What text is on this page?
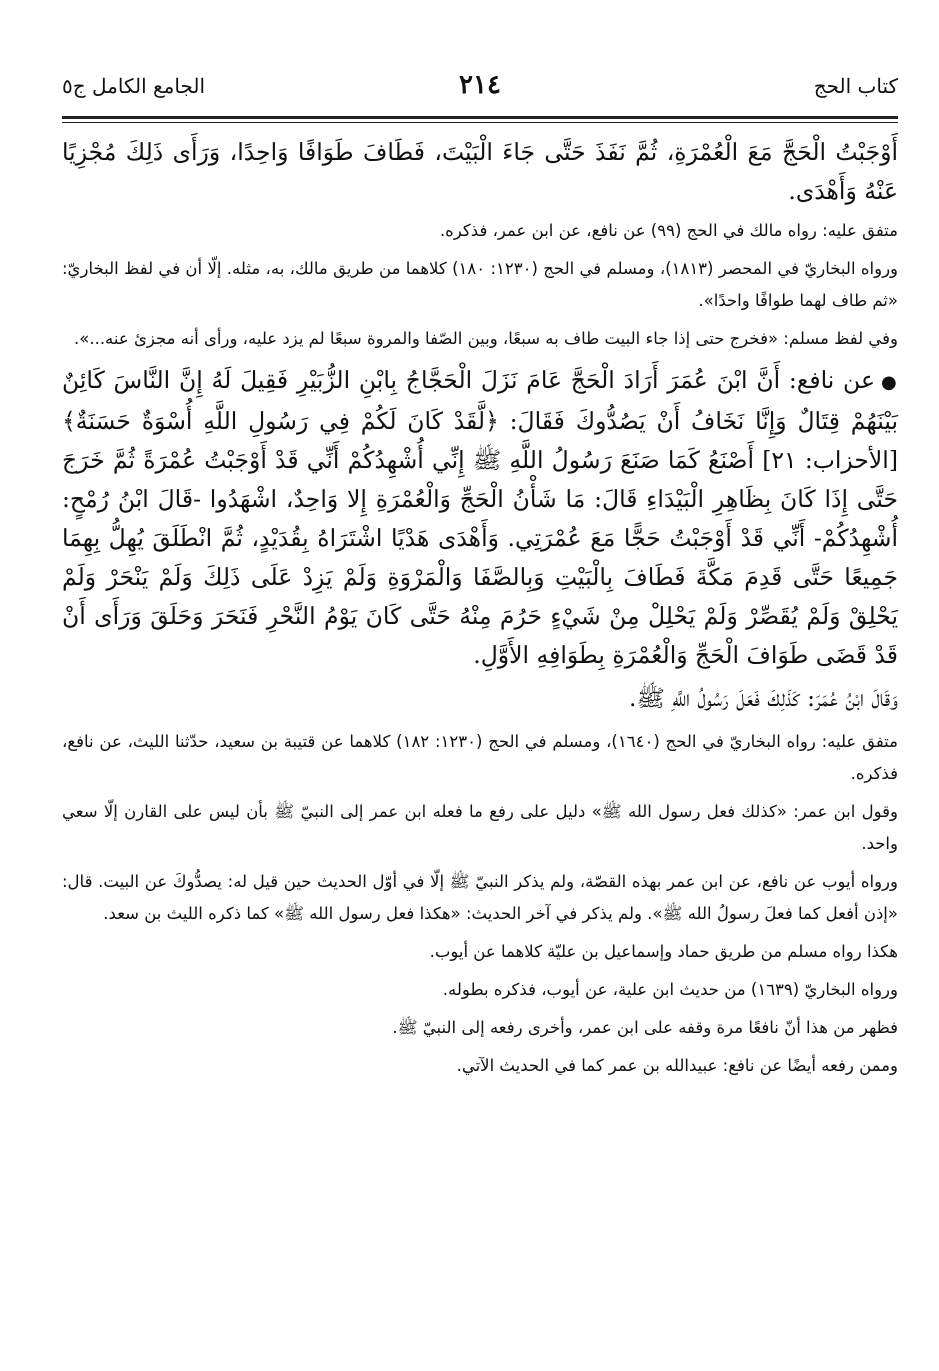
كتاب الحج
٢١٤
الجامع الكامل ج٥

أَوْجَبْتُ الْحَجَّ مَعَ الْعُمْرَةِ، ثُمَّ نَفَذَ حَتَّى جَاءَ الْبَيْتَ، فَطَافَ طَوَافًا وَاحِدًا، وَرَأَى ذَلِكَ مُجْزِيًا عَنْهُ وَأَهْدَى.

متفق عليه: رواه مالك في الحج (٩٩) عن نافع، عن ابن عمر، فذكره.

ورواه البخاريّ في المحصر (١٨١٣)، ومسلم في الحج (١٢٣٠: ١٨٠) كلاهما من طريق مالك، به، مثله. إلّا أن في لفظ البخاريّ: «ثم طاف لهما طوافًا واحدًا».

وفي لفظ مسلم: «فخرج حتى إذا جاء البيت طاف به سبعًا، وبين الصّفا والمروة سبعًا لم يزد عليه، ورأى أنه مجزئ عنه...».

●عن نافع: أَنَّ ابْنَ عُمَرَ أَرَادَ الْحَجَّ عَامَ نَزَلَ الْحَجَّاجُ بِابْنِ الزُّبَيْرِ فَقِيلَ لَهُ إِنَّ النَّاسَ كَائِنٌ بَيْنَهُمْ قِتَالٌ وَإِنَّا نَخَافُ أَنْ يَصُدُّوكَ فَقَالَ: ﴿لَّقَدْ كَانَ لَكُمْ فِي رَسُولِ اللَّهِ أُسْوَةٌ حَسَنَةٌ﴾ [الأحزاب: ٢١] أَصْنَعُ كَمَا صَنَعَ رَسُولُ اللَّهِ ﷺ إِنِّي أُشْهِدُكُمْ أَنِّي قَدْ أَوْجَبْتُ عُمْرَةً ثُمَّ خَرَجَ حَتَّى إِذَا كَانَ بِظَاهِرِ الْبَيْدَاءِ قَالَ: مَا شَأْنُ الْحَجِّ وَالْعُمْرَةِ إِلا وَاحِدٌ، اشْهَدُوا -قَالَ ابْنُ رُمْحٍ: أُشْهِدُكُمْ- أَنِّي قَدْ أَوْجَبْتُ حَجًّا مَعَ عُمْرَتِي. وَأَهْدَى هَدْيًا اشْتَرَاهُ بِقُدَيْدٍ، ثُمَّ انْطَلَقَ يُهِلُّ بِهِمَا جَمِيعًا حَتَّى قَدِمَ مَكَّةَ فَطَافَ بِالْبَيْتِ وَبِالصَّفَا وَالْمَرْوَةِ وَلَمْ يَزِدْ عَلَى ذَلِكَ وَلَمْ يَنْحَرْ وَلَمْ يَحْلِقْ وَلَمْ يُقَصِّرْ وَلَمْ يَحْلِلْ مِنْ شَيْءٍ حَرُمَ مِنْهُ حَتَّى كَانَ يَوْمُ النَّحْرِ فَنَحَرَ وَحَلَقَ وَرَأَى أَنْ قَدْ قَضَى طَوَافَ الْحَجِّ وَالْعُمْرَةِ بِطَوَافِهِ الأَوَّلِ.

وَقَالَ ابْنُ عُمَرَ: كَذَلِكَ فَعَلَ رَسُولُ اللَّهِ ﷺ.

متفق عليه: رواه البخاريّ في الحج (١٦٤٠)، ومسلم في الحج (١٢٣٠: ١٨٢) كلاهما عن قتيبة بن سعيد، حدّثنا الليث، عن نافع، فذكره.

وقول ابن عمر: «كذلك فعل رسول الله ﷺ» دليل على رفع ما فعله ابن عمر إلى النبيّ ﷺ بأن ليس على القارن إلّا سعي واحد.

ورواه أيوب عن نافع، عن ابن عمر بهذه القصّة، ولم يذكر النبيّ ﷺ إلّا في أوّل الحديث حين قيل له: يصدُّوكَ عن البيت. قال: «إذن أفعل كما فعلَ رسولُ الله ﷺ». ولم يذكر في آخر الحديث: «هكذا فعل رسول الله ﷺ» كما ذكره الليث بن سعد.

هكذا رواه مسلم من طريق حماد وإسماعيل بن عليّة كلاهما عن أيوب.

ورواه البخاريّ (١٦٣٩) من حديث ابن علية، عن أيوب، فذكره بطوله.

فظهر من هذا أنّ نافعًا مرة وقفه على ابن عمر، وأخرى رفعه إلى النبيّ ﷺ.

وممن رفعه أيضًا عن نافع: عبيدالله بن عمر كما في الحديث الآتي.
